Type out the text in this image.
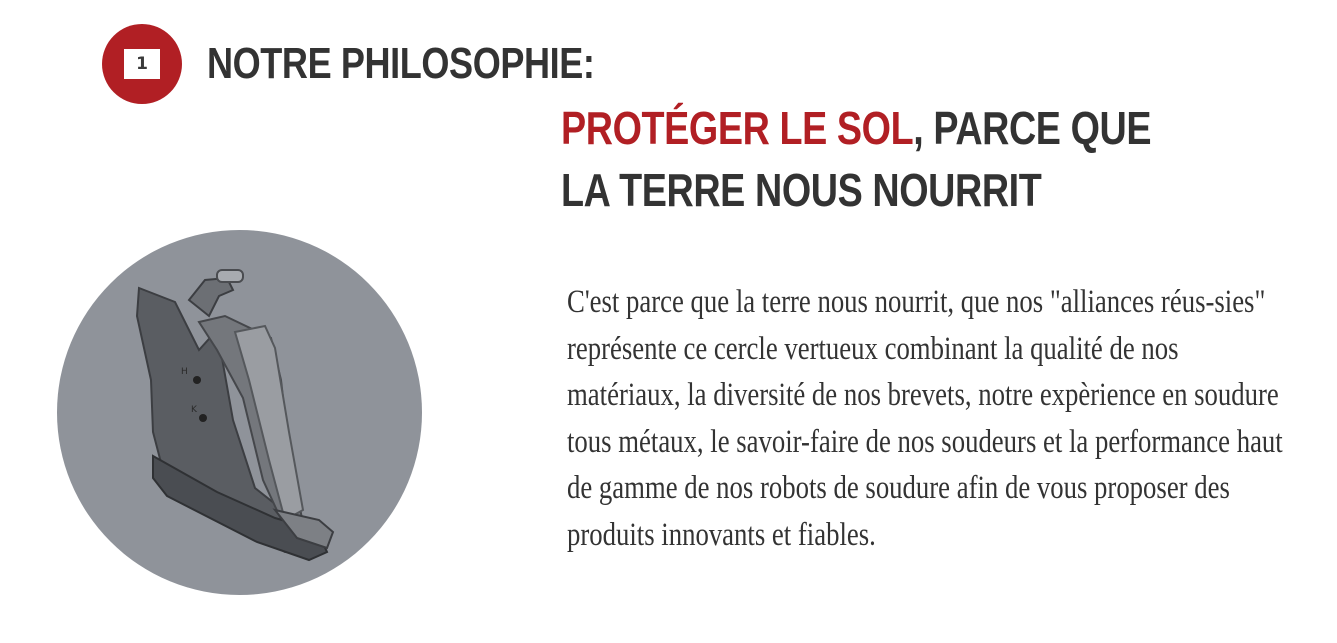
1 NOTRE PHILOSOPHIE:
PROTÉGER LE SOL, PARCE QUE
LA TERRE NOUS NOURRIT
H
K

C'est parce que la terre nous nourrit, que nos "alliances réus-sies" représente ce cercle vertueux combinant la qualité de nos matériaux, la diversité de nos brevets, notre expèrience en soudure tous métaux, le savoir-faire de nos soudeurs et la performance haut de gamme de nos robots de soudure afin de vous proposer des produits innovants et fiables.
